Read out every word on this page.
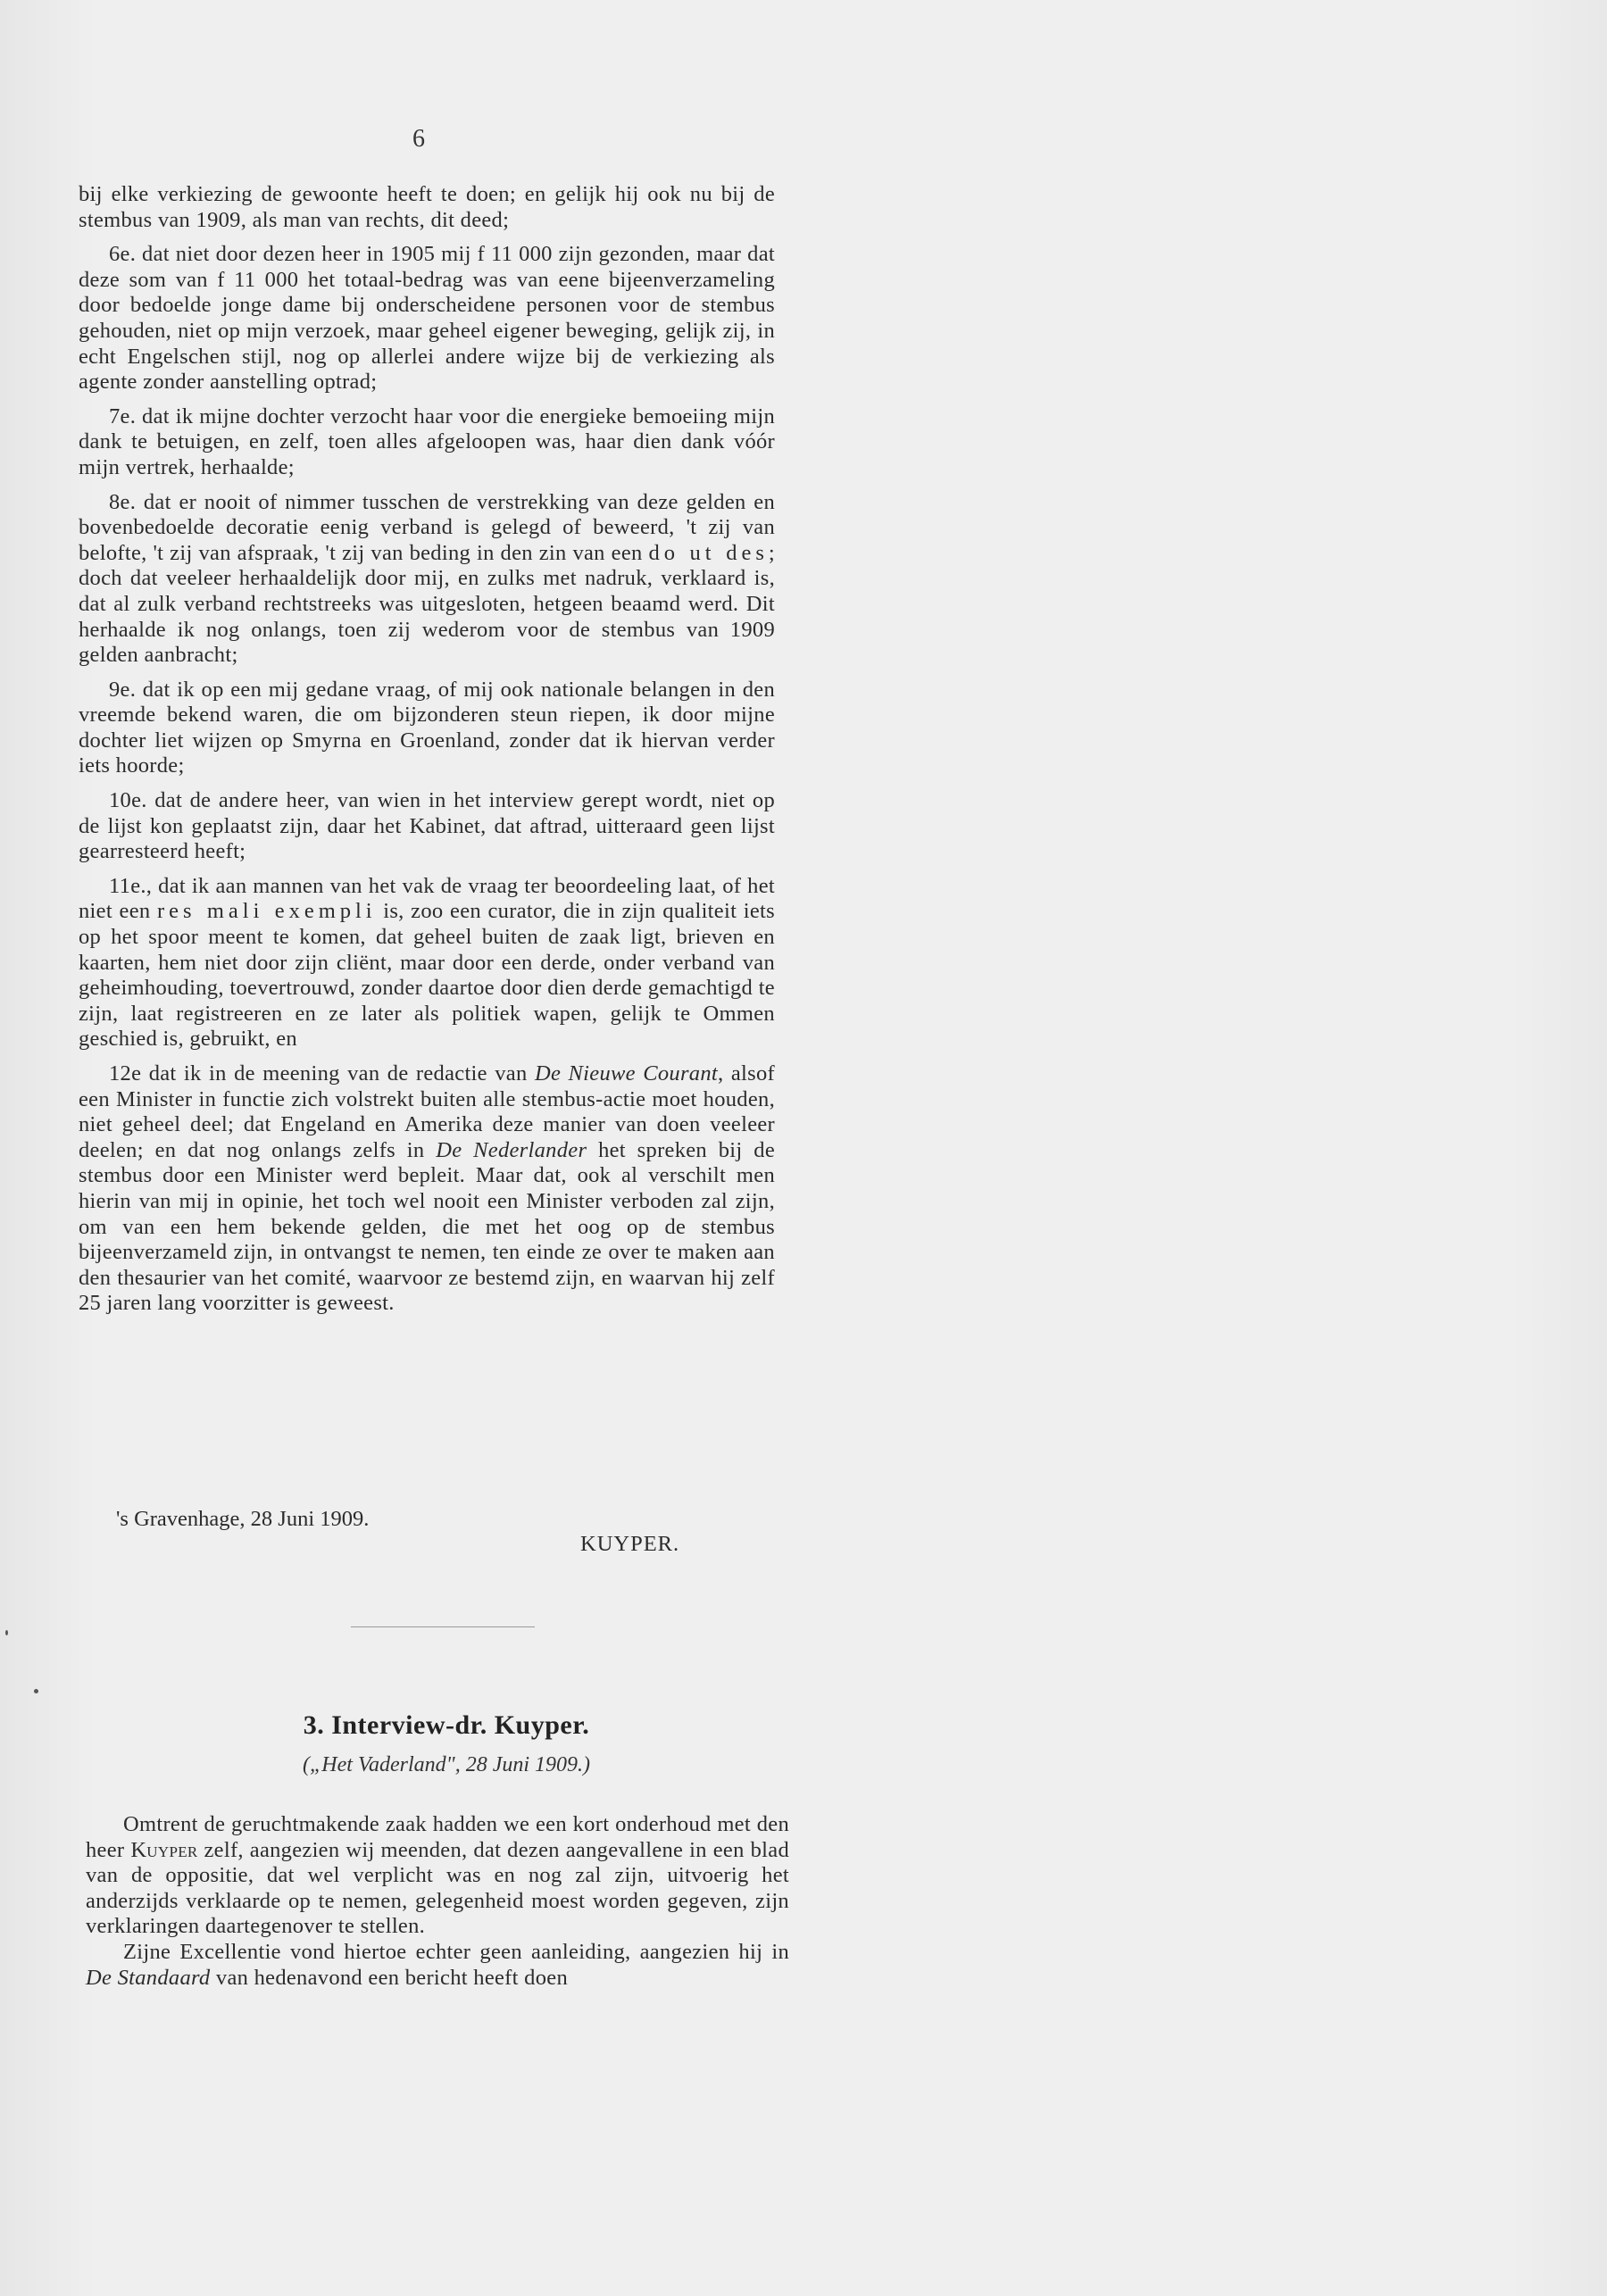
6

bij elke verkiezing de gewoonte heeft te doen; en gelijk hij ook nu bij de stembus van 1909, als man van rechts, dit deed;

6e. dat niet door dezen heer in 1905 mij f 11 000 zijn gezonden, maar dat deze som van f 11 000 het totaal-bedrag was van eene bijeenverzameling door bedoelde jonge dame bij onderscheidene personen voor de stembus gehouden, niet op mijn verzoek, maar geheel eigener beweging, gelijk zij, in echt Engelschen stijl, nog op allerlei andere wijze bij de verkiezing als agente zonder aanstelling optrad;

7e. dat ik mijne dochter verzocht haar voor die energieke bemoeiing mijn dank te betuigen, en zelf, toen alles afgeloopen was, haar dien dank vóór mijn vertrek, herhaalde;

8e. dat er nooit of nimmer tusschen de verstrekking van deze gelden en bovenbedoelde decoratie eenig verband is gelegd of beweerd, 't zij van belofte, 't zij van afspraak, 't zij van beding in den zin van een do ut des; doch dat veeleer herhaaldelijk door mij, en zulks met nadruk, verklaard is, dat al zulk verband rechtstreeks was uitgesloten, hetgeen beaamd werd. Dit herhaalde ik nog onlangs, toen zij wederom voor de stembus van 1909 gelden aanbracht;

9e. dat ik op een mij gedane vraag, of mij ook nationale belangen in den vreemde bekend waren, die om bijzonderen steun riepen, ik door mijne dochter liet wijzen op Smyrna en Groenland, zonder dat ik hiervan verder iets hoorde;

10e. dat de andere heer, van wien in het interview gerept wordt, niet op de lijst kon geplaatst zijn, daar het Kabinet, dat aftrad, uitteraard geen lijst gearresteerd heeft;

11e., dat ik aan mannen van het vak de vraag ter beoordeeling laat, of het niet een res mali exempli is, zoo een curator, die in zijn qualiteit iets op het spoor meent te komen, dat geheel buiten de zaak ligt, brieven en kaarten, hem niet door zijn cliënt, maar door een derde, onder verband van geheimhouding, toevertrouwd, zonder daartoe door dien derde gemachtigd te zijn, laat registreeren en ze later als politiek wapen, gelijk te Ommen geschied is, gebruikt, en

12e dat ik in de meening van de redactie van De Nieuwe Courant, alsof een Minister in functie zich volstrekt buiten alle stembus-actie moet houden, niet geheel deel; dat Engeland en Amerika deze manier van doen veeleer deelen; en dat nog onlangs zelfs in De Nederlander het spreken bij de stembus door een Minister werd bepleit. Maar dat, ook al verschilt men hierin van mij in opinie, het toch wel nooit een Minister verboden zal zijn, om van een hem bekende gelden, die met het oog op de stembus bijeenverzameld zijn, in ontvangst te nemen, ten einde ze over te maken aan den thesaurier van het comité, waarvoor ze bestemd zijn, en waarvan hij zelf 25 jaren lang voorzitter is geweest.

's Gravenhage, 28 Juni 1909.
KUYPER.
3. Interview-dr. Kuyper.
(„Het Vaderland", 28 Juni 1909.)

Omtrent de geruchtmakende zaak hadden we een kort onderhoud met den heer Kuyper zelf, aangezien wij meenden, dat dezen aangevallene in een blad van de oppositie, dat wel verplicht was en nog zal zijn, uitvoerig het anderzijds verklaarde op te nemen, gelegenheid moest worden gegeven, zijn verklaringen daartegenover te stellen.

Zijne Excellentie vond hiertoe echter geen aanleiding, aangezien hij in De Standaard van hedenavond een bericht heeft doen
